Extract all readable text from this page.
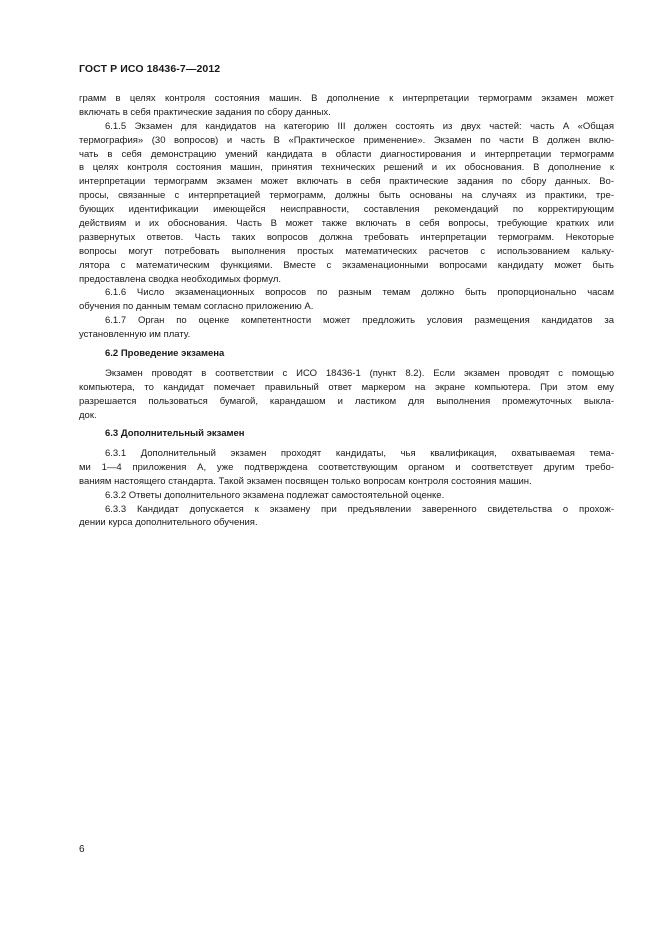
ГОСТ Р ИСО 18436-7—2012
грамм в целях контроля состояния машин. В дополнение к интерпретации термограмм экзамен может
включать в себя практические задания по сбору данных.
6.1.5 Экзамен для кандидатов на категорию III должен состоять из двух частей: часть А «Общая
термография» (30 вопросов) и часть В «Практическое применение». Экзамен по части В должен вклю-
чать в себя демонстрацию умений кандидата в области диагностирования и интерпретации термограмм
в целях контроля состояния машин, принятия технических решений и их обоснования. В дополнение к
интерпретации термограмм экзамен может включать в себя практические задания по сбору данных. Во-
просы, связанные с интерпретацией термограмм, должны быть основаны на случаях из практики, тре-
бующих идентификации имеющейся неисправности, составления рекомендаций по корректирующим
действиям и их обоснования. Часть В может также включать в себя вопросы, требующие кратких или
развернутых ответов. Часть таких вопросов должна требовать интерпретации термограмм. Некоторые
вопросы могут потребовать выполнения простых математических расчетов с использованием кальку-
лятора с математическим функциями. Вместе с экзаменационными вопросами кандидату может быть
предоставлена сводка необходимых формул.
6.1.6 Число экзаменационных вопросов по разным темам должно быть пропорционально часам
обучения по данным темам согласно приложению А.
6.1.7 Орган по оценке компетентности может предложить условия размещения кандидатов за
установленную им плату.
6.2 Проведение экзамена
Экзамен проводят в соответствии с ИСО 18436-1 (пункт 8.2). Если экзамен проводят с помощью
компьютера, то кандидат помечает правильный ответ маркером на экране компьютера. При этом ему
разрешается пользоваться бумагой, карандашом и ластиком для выполнения промежуточных выкла-
док.
6.3 Дополнительный экзамен
6.3.1 Дополнительный экзамен проходят кандидаты, чья квалификация, охватываемая тема-
ми 1—4 приложения А, уже подтверждена соответствующим органом и соответствует другим требо-
ваниям настоящего стандарта. Такой экзамен посвящен только вопросам контроля состояния машин.
6.3.2 Ответы дополнительного экзамена подлежат самостоятельной оценке.
6.3.3 Кандидат допускается к экзамену при предъявлении заверенного свидетельства о прохож-
дении курса дополнительного обучения.
6
